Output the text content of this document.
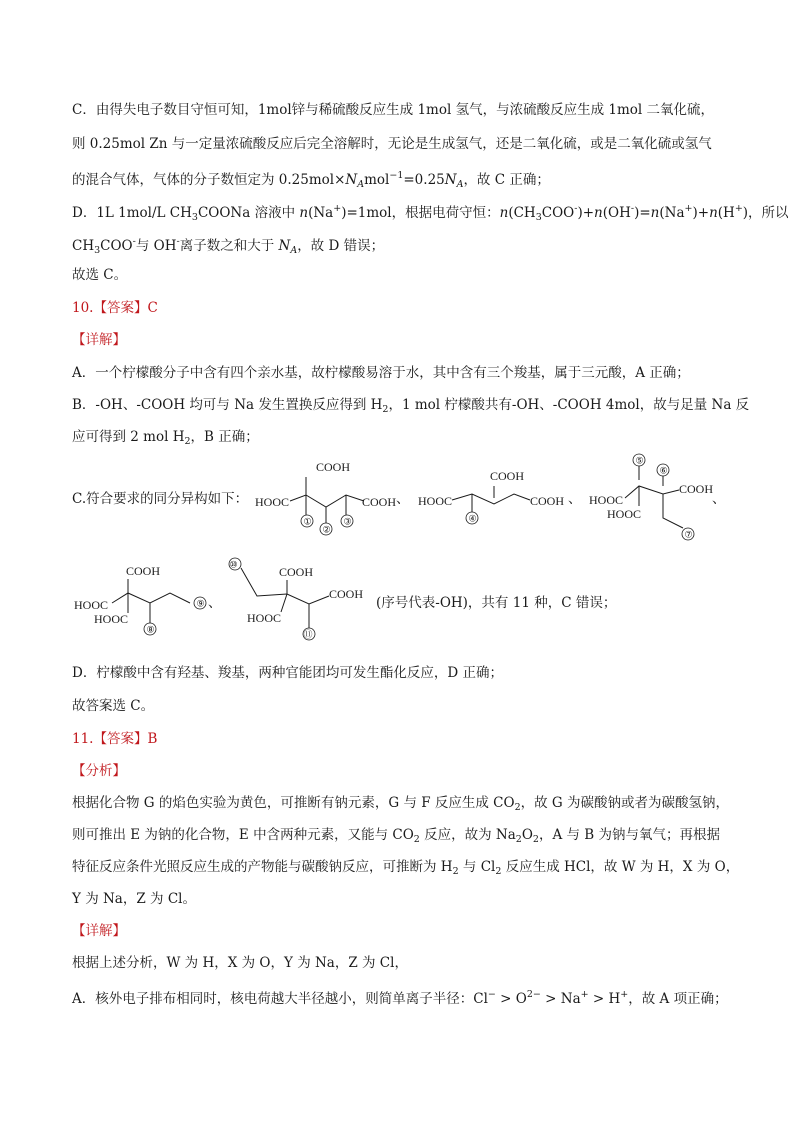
C．由得失电子数目守恒可知，1mol锌与稀硫酸反应生成 1mol 氢气，与浓硫酸反应生成 1mol 二氧化硫，
则 0.25mol Zn 与一定量浓硫酸反应后完全溶解时，无论是生成氢气，还是二氧化硫，或是二氧化硫或氢气
的混合气体，气体的分子数恒定为 $0.25mol\times N_Amol^{-1}=0.25N_A$，故 C 正确；
D．1L 1mol/L $CH_3COONa$ 溶液中 n(Na+)=1mol，根据电荷守恒：$n(CH_3COO^-)+n(OH^-)=n(Na^+)+n(H^+)$，所以
$CH_3COO^-$与 OH-离子数之和大于 $N_A$，故 D 错误；
故选 C。
10.【答案】C
【详解】
A．一个柠檬酸分子中含有四个亲水基，故柠檬酸易溶于水，其中含有三个羧基，属于三元酸，A 正确；
B．-OH、-COOH 均可与 Na 发生置换反应得到 $H_2$，1 mol 柠檬酸共有-OH、-COOH 4mol，故与足量 Na 反
应可得到 2 mol $H_2$，B 正确；
C.符合要求的同分异构如下：
COOH
HOOC	COOH
①
②
③
、
COOH
HOOC	COOH
④
、
⑤
⑥
HOOC
COOH
HOOC
⑦
、
COOH
HOOC
HOOC
⑧
⑨ 、
⑩
COOH
COOH
HOOC
⑪
(序号代表-OH)，共有 11 种，C 错误；
D．柠檬酸中含有羟基、羧基，两种官能团均可发生酯化反应，D 正确；
故答案选 C。
11.【答案】B
【分析】
根据化合物 G 的焰色实验为黄色，可推断有钠元素，G 与 F 反应生成 $CO_2$，故 G 为碳酸钠或者为碳酸氢钠，
则可推出 E 为钠的化合物，E 中含两种元素，又能与 $CO_2$ 反应，故为 $Na_2O_2$，A 与 B 为钠与氧气；再根据
特征反应条件光照反应生成的产物能与碳酸钠反应，可推断为 $H_2$ 与 $Cl_2$ 反应生成 HCl，故 W 为 H，X 为 O，
Y 为 Na，Z 为 Cl。
【详解】
根据上述分析，W 为 H，X 为 O，Y 为 Na，Z 为 Cl，
A．核外电子排布相同时，核电荷越大半径越小，则简单离子半径：$Cl^- > O^{2-} > Na^+ > H^+$，故 A 项正确；
